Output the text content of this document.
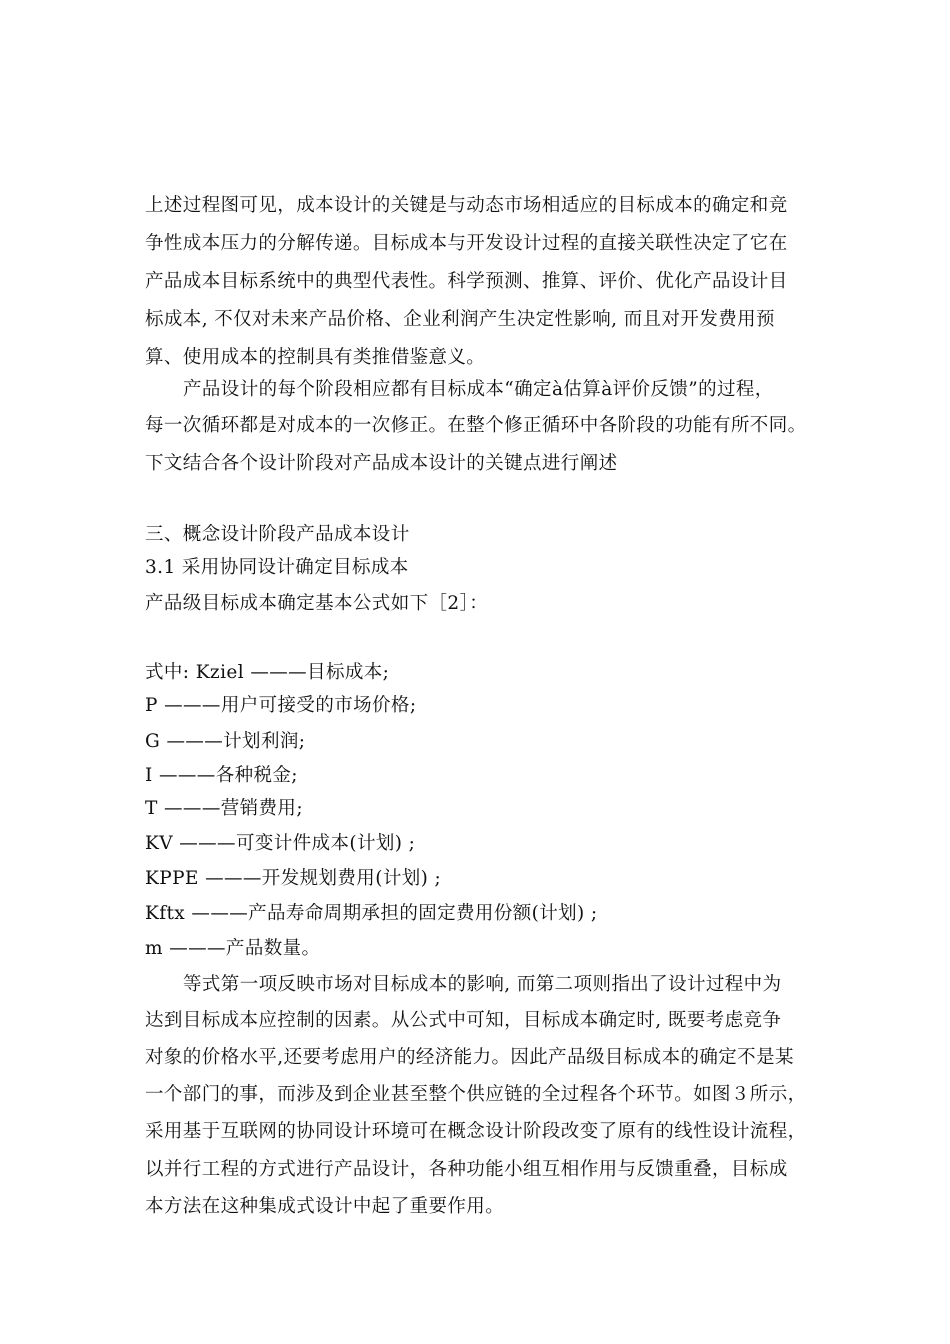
上述过程图可见，成本设计的关键是与动态市场相适应的目标成本的确定和竞
争性成本压力的分解传递。目标成本与开发设计过程的直接关联性决定了它在
产品成本目标系统中的典型代表性。科学预测、推算、评价、优化产品设计目
标成本, 不仅对未来产品价格、企业利润产生决定性影响, 而且对开发费用预
算、使用成本的控制具有类推借鉴意义。
产品设计的每个阶段相应都有目标成本“确定à估算à评价反馈”的过程，
每一次循环都是对成本的一次修正。在整个修正循环中各阶段的功能有所不同。
下文结合各个设计阶段对产品成本设计的关键点进行阐述
三、概念设计阶段产品成本设计
3.1 采用协同设计确定目标成本
产品级目标成本确定基本公式如下［2］：
式中: Kziel ———目标成本;
P ———用户可接受的市场价格;
G ———计划利润;
I ———各种税金;
T ———营销费用;
KV ———可变计件成本(计划) ;
KPPE ———开发规划费用(计划) ;
Kftx ———产品寿命周期承担的固定费用份额(计划) ;
m ———产品数量。
等式第一项反映市场对目标成本的影响, 而第二项则指出了设计过程中为
达到目标成本应控制的因素。从公式中可知，目标成本确定时, 既要考虑竞争
对象的价格水平,还要考虑用户的经济能力。因此产品级目标成本的确定不是某
一个部门的事，而涉及到企业甚至整个供应链的全过程各个环节。如图３所示，
采用基于互联网的协同设计环境可在概念设计阶段改变了原有的线性设计流程，
以并行工程的方式进行产品设计，各种功能小组互相作用与反馈重叠，目标成
本方法在这种集成式设计中起了重要作用。
